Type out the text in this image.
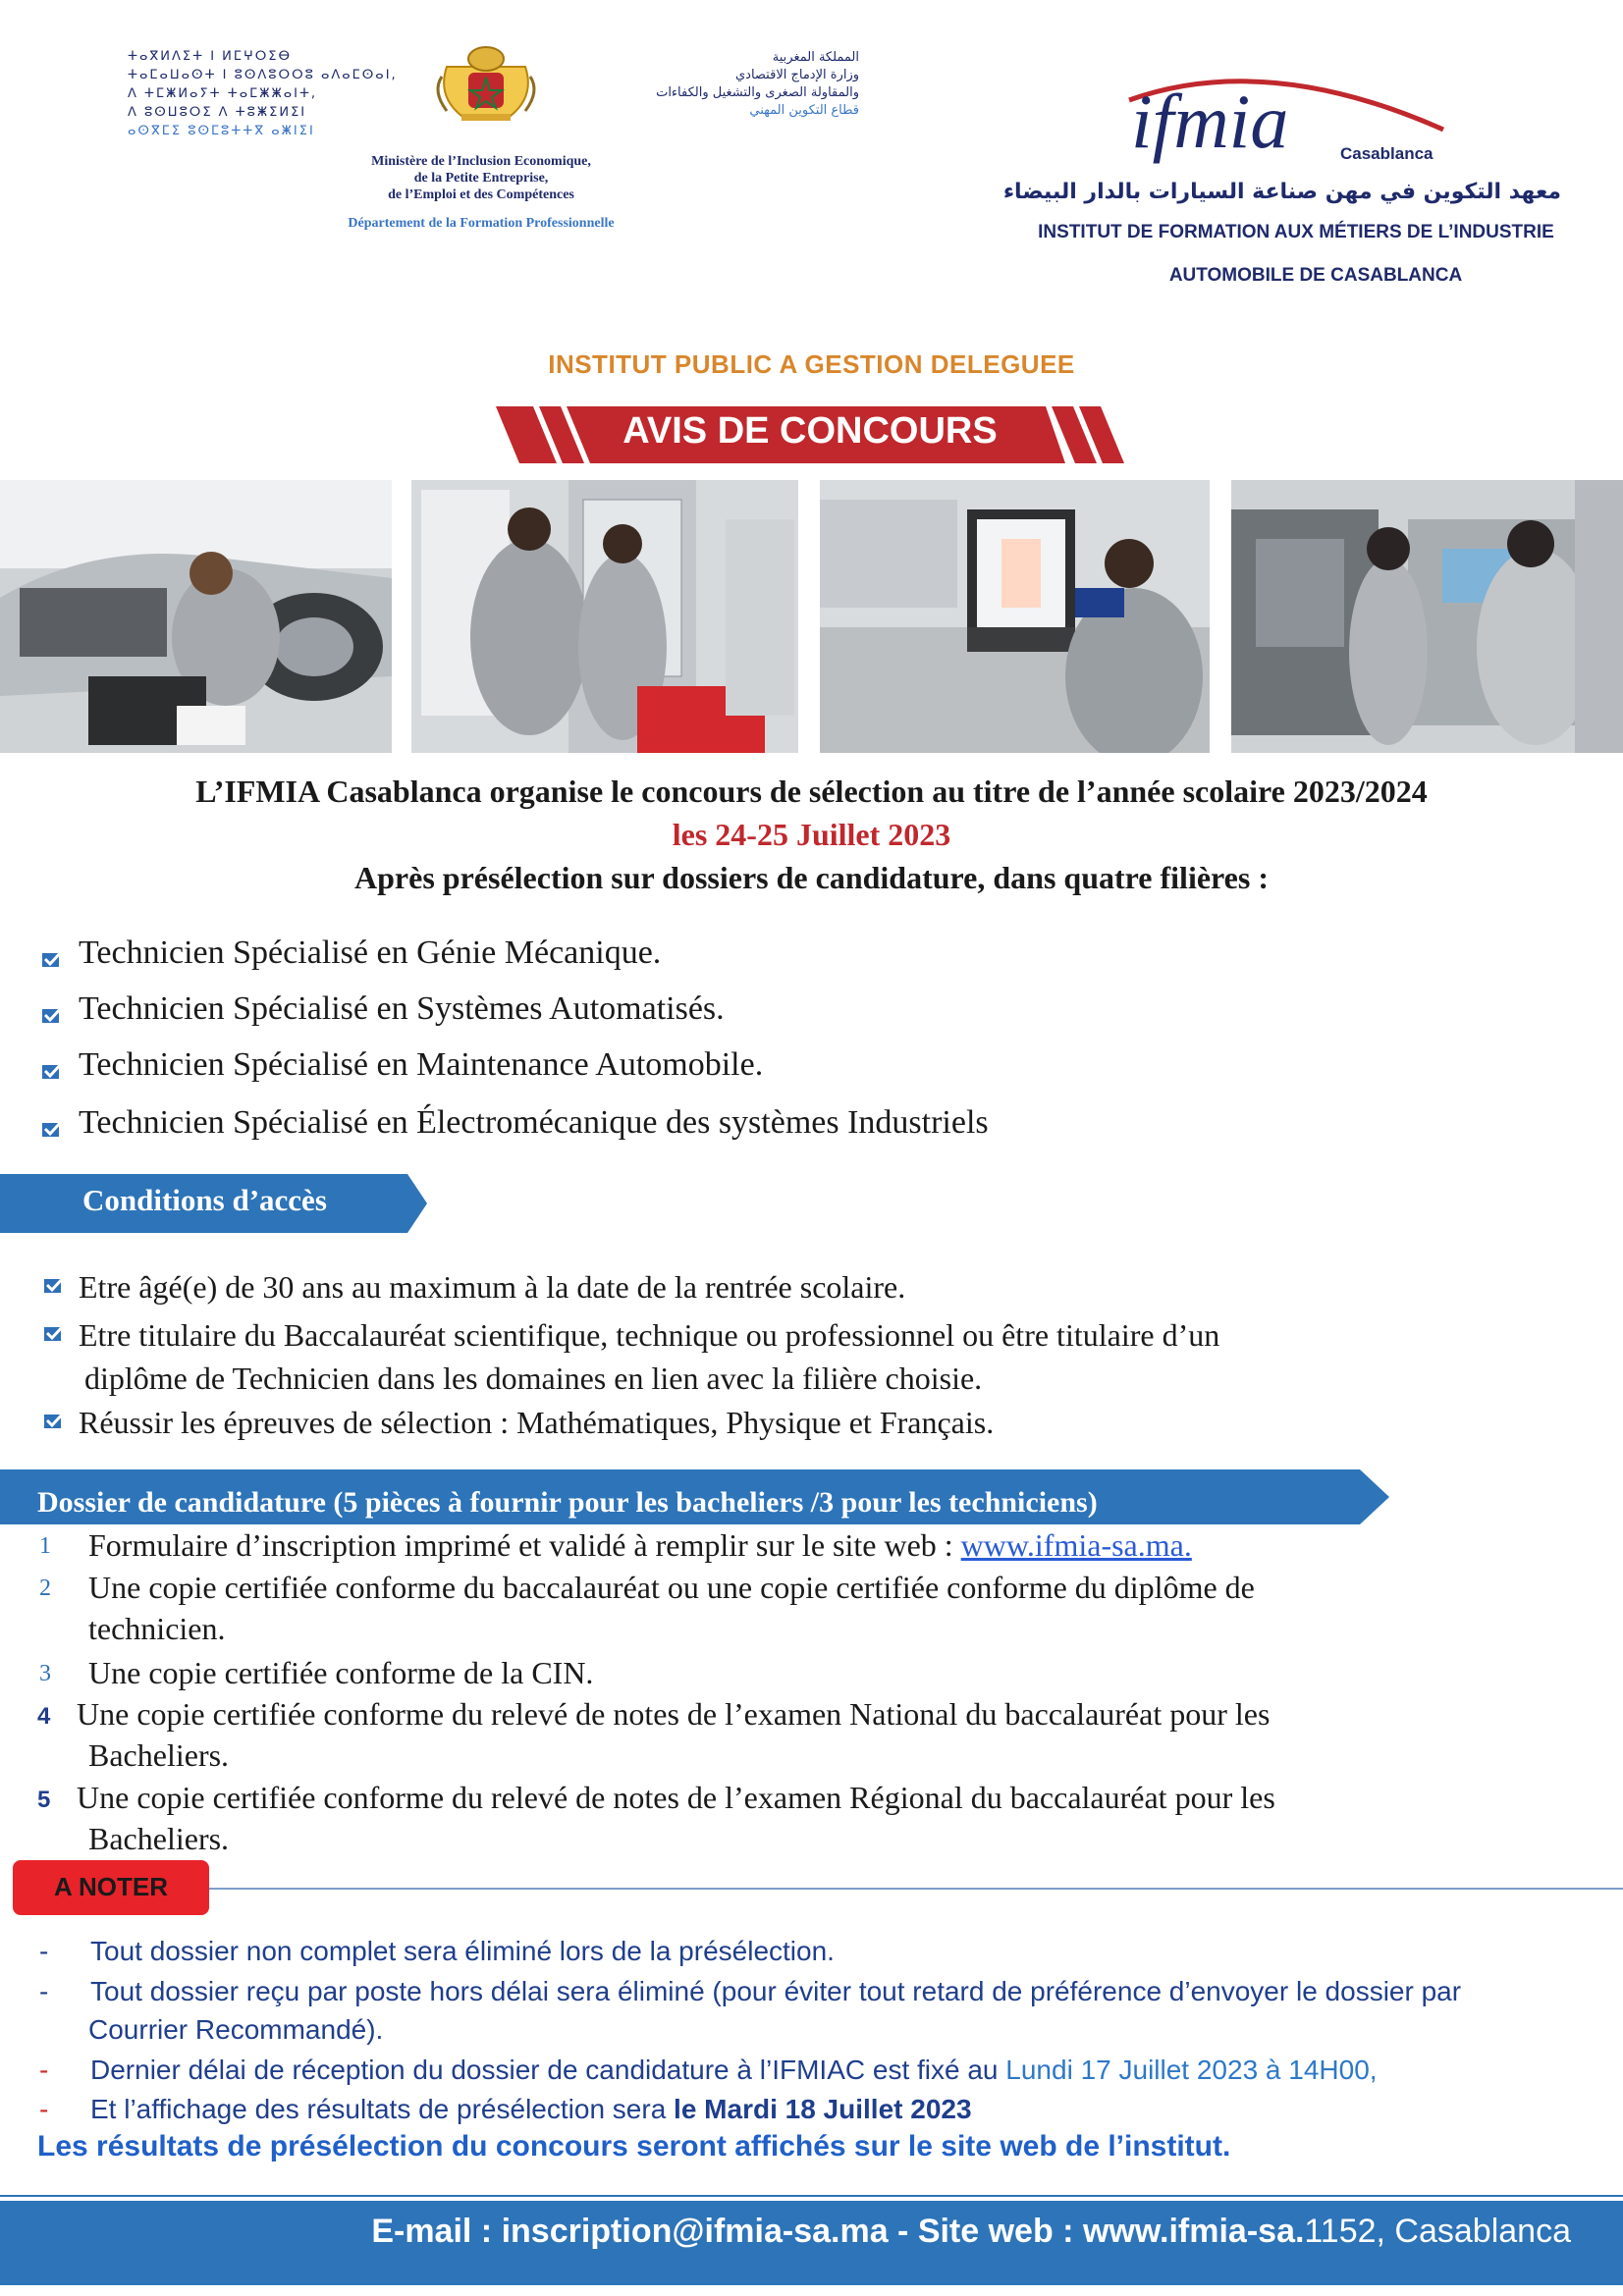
ⵜⴰⴳⵍⴷⵉⵜ ⵏ ⵍⵎⵖⵔⵉⴱ
ⵜⴰⵎⴰⵡⴰⵙⵜ ⵏ ⵓⵙⴷⵓⵔⵔⵓ ⴰⴷⴰⵎⵙⴰⵏ,
ⴷ ⵜⵎⵥⵍⴰⵢⵜ ⵜⴰⵎⵥⵥⴰⵏⵜ,
ⴷ ⵓⵙⵡⵓⵔⵉ ⴷ ⵜⵓⵥⵉⵍⵉⵏ
ⴰⵙⴳⵎⵉ ⵓⵙⵎⵓⵜⵜⴳ ⴰⵥⵏⵉⵏ
المملكة المغربية
وزارة الإدماج الاقتصادي
والمقاولة الصغرى والتشغيل والكفاءات
قطاع التكوين المهني
Ministère de l’Inclusion Economique,
de la Petite Entreprise,
de l’Emploi et des Compétences
Département de la Formation Professionnelle
ifmia	Casablanca
معهد التكوين في مهن صناعة السيارات بالدار البيضاء
INSTITUT DE FORMATION AUX MÉTIERS DE L’INDUSTRIE
AUTOMOBILE DE CASABLANCA
INSTITUT PUBLIC A GESTION DELEGUEE
AVIS DE CONCOURS
L’IFMIA Casablanca organise le concours de sélection au titre de l’année scolaire 2023/2024
les 24-25 Juillet 2023
Après présélection sur dossiers de candidature, dans quatre filières :
Technicien Spécialisé en Génie Mécanique.
Technicien Spécialisé en Systèmes Automatisés.
Technicien Spécialisé en Maintenance Automobile.
Technicien Spécialisé en Électromécanique des systèmes Industriels
Conditions d’accès
Etre âgé(e) de 30 ans au maximum à la date de la rentrée scolaire.
Etre titulaire du Baccalauréat scientifique, technique ou professionnel ou être titulaire d’un
diplôme de Technicien dans les domaines en lien avec la filière choisie.
Réussir les épreuves de sélection : Mathématiques, Physique et Français.
Dossier de candidature (5 pièces à fournir pour les bacheliers /3 pour les techniciens)
1 Formulaire d’inscription imprimé et validé à remplir sur le site web : www.ifmia-sa.ma.
2 Une copie certifiée conforme du baccalauréat ou une copie certifiée conforme du diplôme de
technicien.
3 Une copie certifiée conforme de la CIN.
4 Une copie certifiée conforme du relevé de notes de l’examen National du baccalauréat pour les
Bacheliers.
5 Une copie certifiée conforme du relevé de notes de l’examen Régional du baccalauréat pour les
Bacheliers.
A NOTER
- Tout dossier non complet sera éliminé lors de la présélection.
- Tout dossier reçu par poste hors délai sera éliminé (pour éviter tout retard de préférence d’envoyer le dossier par
Courrier Recommandé).
- Dernier délai de réception du dossier de candidature à l’IFMIAC est fixé au Lundi 17 Juillet 2023 à 14H00,
- Et l’affichage des résultats de présélection sera le Mardi 18 Juillet 2023
Les résultats de présélection du concours seront affichés sur le site web de l’institut.
E-mail : inscription@ifmia-sa.ma - Site web : www.ifmia-sa.1152, Casablanca
